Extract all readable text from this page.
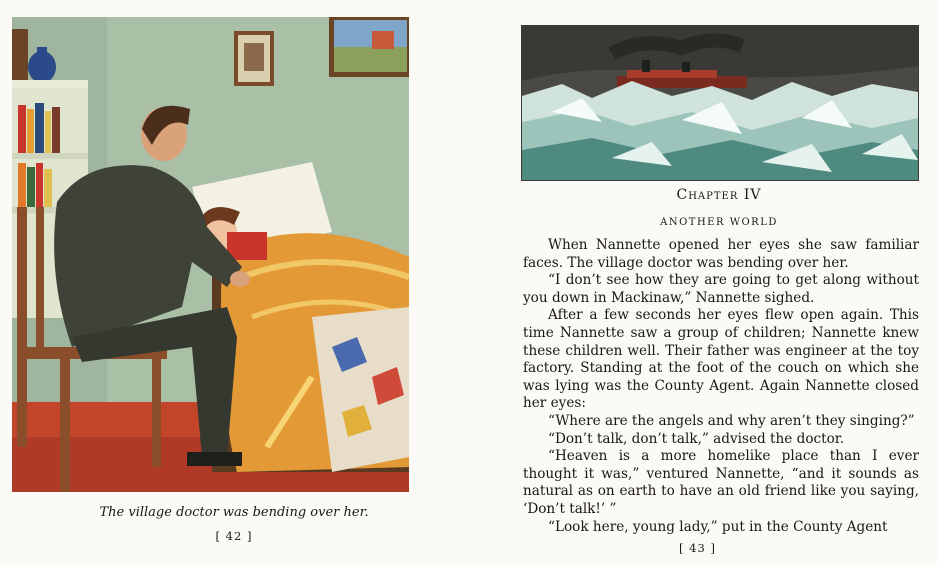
The village doctor was bending over her.
[ 42 ]
Chapter IV
ANOTHER WORLD

When Nannette opened her eyes she saw familiar faces. The village doctor was bending over her.

“I don’t see how they are going to get along without you down in Mackinaw,” Nannette sighed.

After a few seconds her eyes flew open again. This time Nannette saw a group of children; Nannette knew these children well. Their father was engineer at the toy factory. Standing at the foot of the couch on which she was lying was the County Agent. Again Nannette closed her eyes:

“Where are the angels and why aren’t they singing?”

“Don’t talk, don’t talk,” advised the doctor.

“Heaven is a more homelike place than I ever thought it was,” ventured Nannette, “and it sounds as natural as on earth to have an old friend like you saying, ‘Don’t talk!’ ”

“Look here, young lady,” put in the County Agent

[ 43 ]
